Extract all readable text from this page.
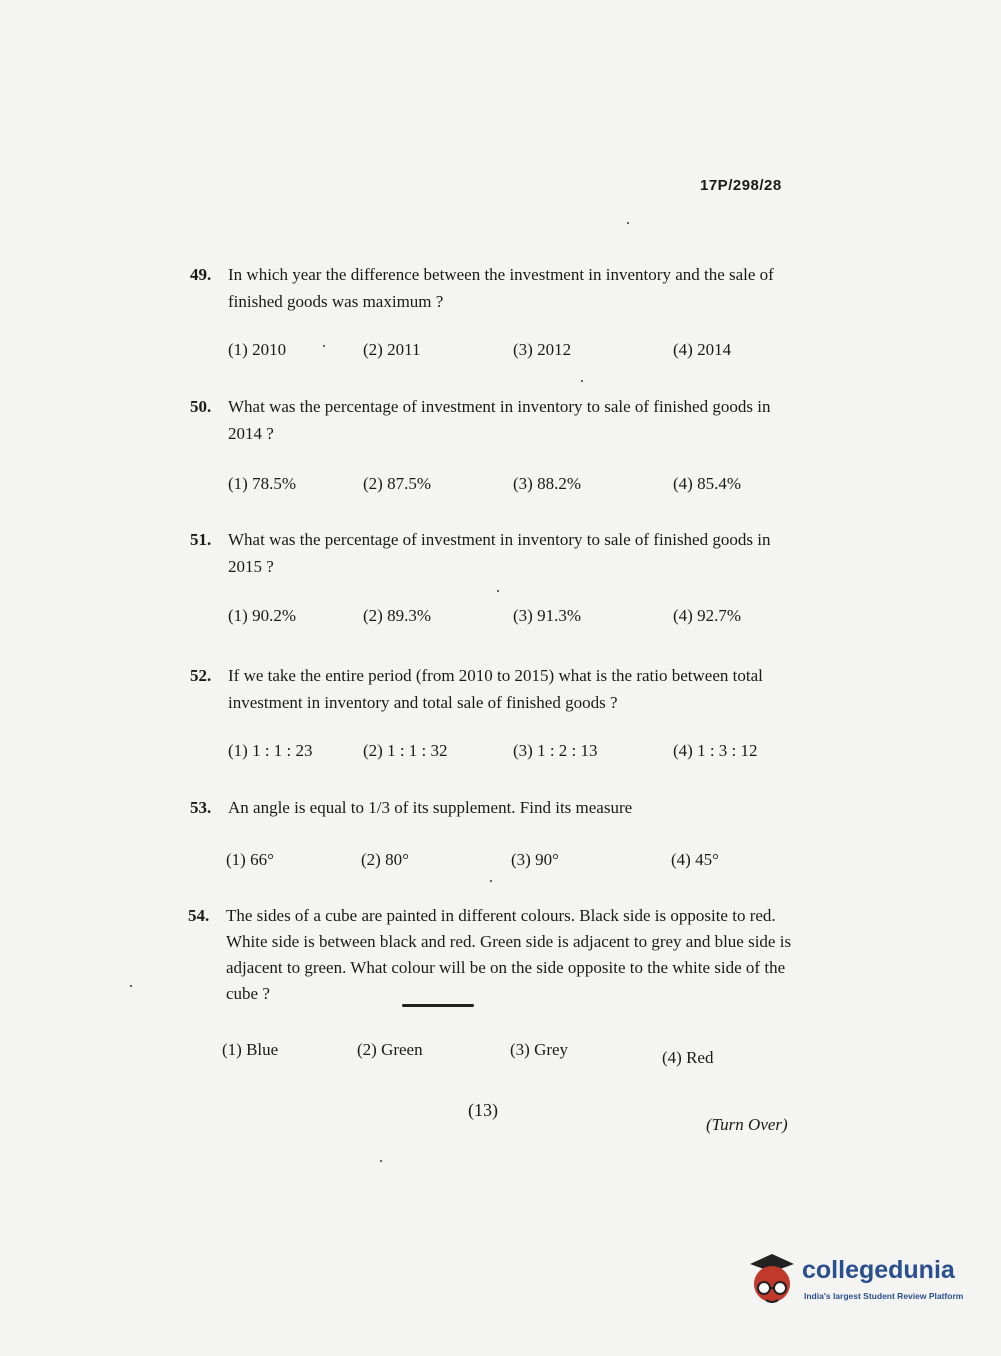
17P/298/28
49. In which year the difference between the investment in inventory and the sale of finished goods was maximum ?
(1) 2010	(2) 2011	(3) 2012	(4) 2014
50. What was the percentage of investment in inventory to sale of finished goods in 2014 ?
(1) 78.5%	(2) 87.5%	(3) 88.2%	(4) 85.4%
51. What was the percentage of investment in inventory to sale of finished goods in 2015 ?
(1) 90.2%	(2) 89.3%	(3) 91.3%	(4) 92.7%
52. If we take the entire period (from 2010 to 2015) what is the ratio between total investment in inventory and total sale of finished goods ?
(1) 1 : 1 : 23	(2) 1 : 1 : 32	(3) 1 : 2 : 13	(4) 1 : 3 : 12
53. An angle is equal to 1/3 of its supplement. Find its measure
(1) 66°	(2) 80°	(3) 90°	(4) 45°
54. The sides of a cube are painted in different colours. Black side is opposite to red. White side is between black and red. Green side is adjacent to grey and blue side is adjacent to green. What colour will be on the side opposite to the white side of the cube ?
(1) Blue	(2) Green	(3) Grey	(4) Red
(13)
(Turn Over)
collegedunia
India's largest Student Review Platform
